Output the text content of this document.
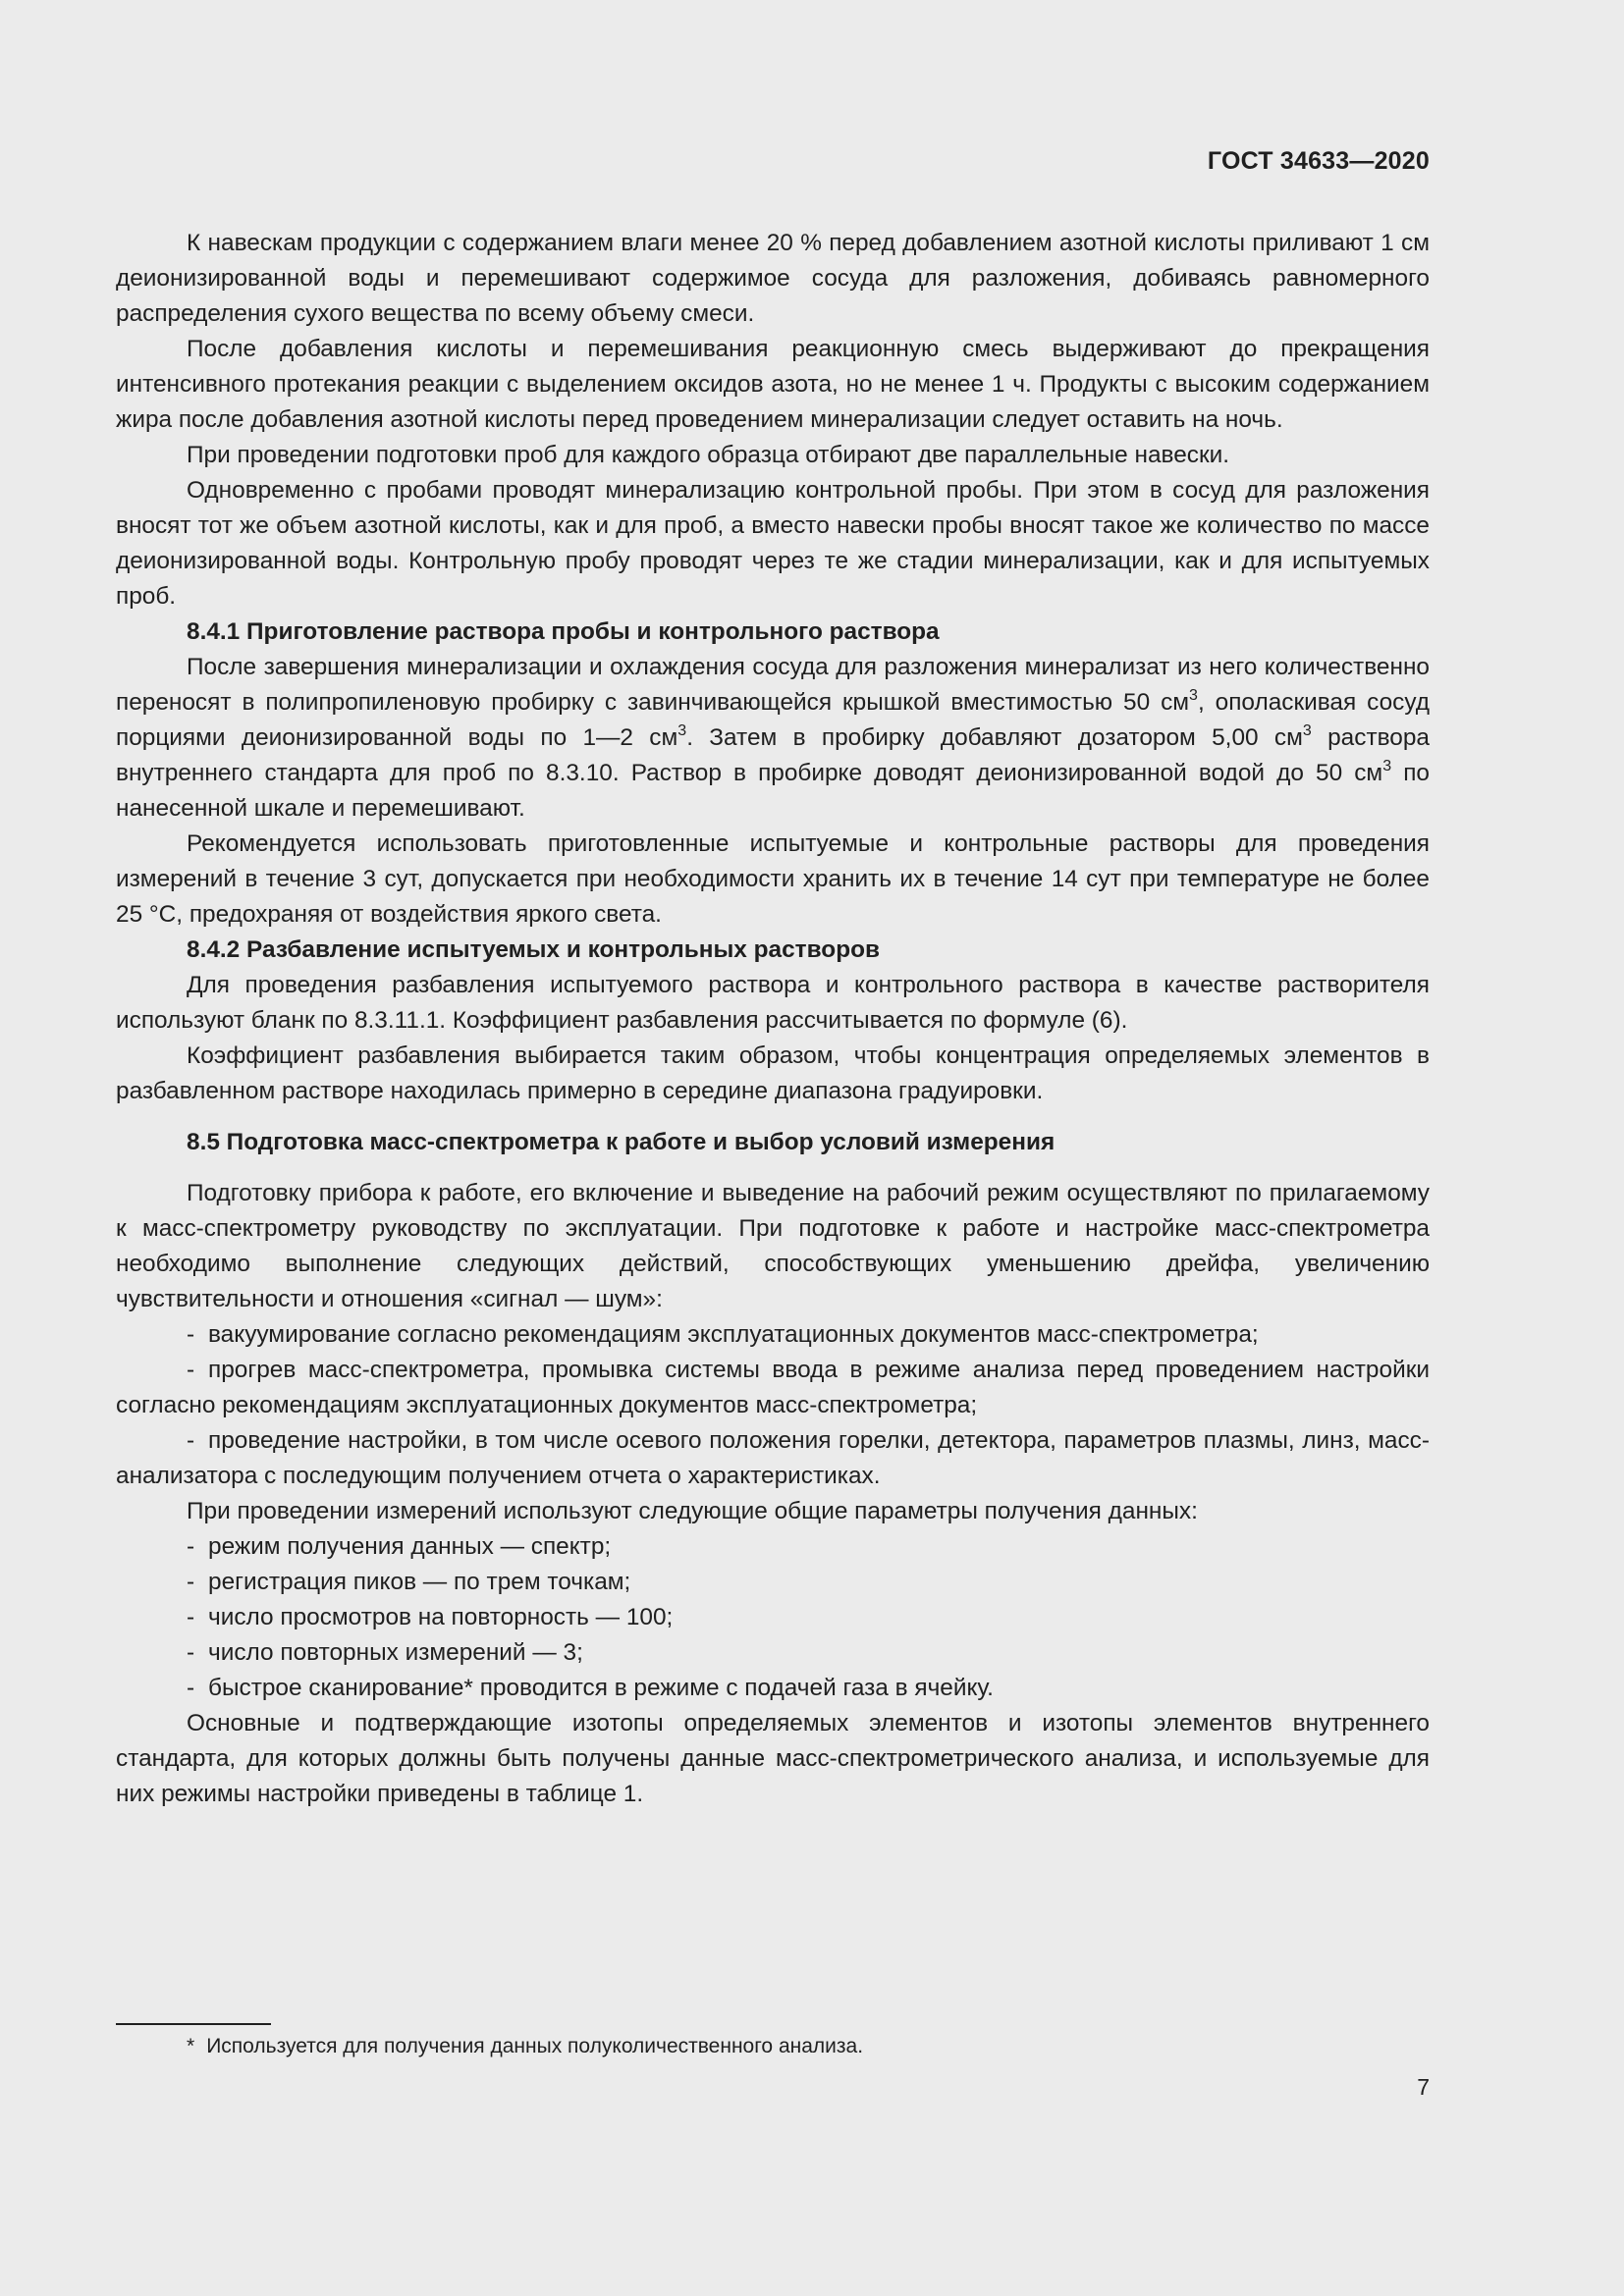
ГОСТ 34633—2020

К навескам продукции с содержанием влаги менее 20 % перед добавлением азотной кислоты приливают 1 см деионизированной воды и перемешивают содержимое сосуда для разложения, добиваясь равномерного распределения сухого вещества по всему объему смеси.

После добавления кислоты и перемешивания реакционную смесь выдерживают до прекращения интенсивного протекания реакции с выделением оксидов азота, но не менее 1 ч. Продукты с высоким содержанием жира после добавления азотной кислоты перед проведением минерализации следует оставить на ночь.

При проведении подготовки проб для каждого образца отбирают две параллельные навески.

Одновременно с пробами проводят минерализацию контрольной пробы. При этом в сосуд для разложения вносят тот же объем азотной кислоты, как и для проб, а вместо навески пробы вносят такое же количество по массе деионизированной воды. Контрольную пробу проводят через те же стадии минерализации, как и для испытуемых проб.

8.4.1 Приготовление раствора пробы и контрольного раствора

После завершения минерализации и охлаждения сосуда для разложения минерализат из него количественно переносят в полипропиленовую пробирку с завинчивающейся крышкой вместимостью 50 $см^3$, ополаскивая сосуд порциями деионизированной воды по 1—2 $см^3$. Затем в пробирку добавляют дозатором 5,00 $см^3$ раствора внутреннего стандарта для проб по 8.3.10. Раствор в пробирке доводят деионизированной водой до 50 $см^3$ по нанесенной шкале и перемешивают.

Рекомендуется использовать приготовленные испытуемые и контрольные растворы для проведения измерений в течение 3 сут, допускается при необходимости хранить их в течение 14 сут при температуре не более 25 °С, предохраняя от воздействия яркого света.

8.4.2 Разбавление испытуемых и контрольных растворов

Для проведения разбавления испытуемого раствора и контрольного раствора в качестве растворителя используют бланк по 8.3.11.1. Коэффициент разбавления рассчитывается по формуле (6).

Коэффициент разбавления выбирается таким образом, чтобы концентрация определяемых элементов в разбавленном растворе находилась примерно в середине диапазона градуировки.

8.5 Подготовка масс-спектрометра к работе и выбор условий измерения

Подготовку прибора к работе, его включение и выведение на рабочий режим осуществляют по прилагаемому к масс-спектрометру руководству по эксплуатации. При подготовке к работе и настройке масс-спектрометра необходимо выполнение следующих действий, способствующих уменьшению дрейфа, увеличению чувствительности и отношения «сигнал — шум»:

- вакуумирование согласно рекомендациям эксплуатационных документов масс-спектрометра;

- прогрев масс-спектрометра, промывка системы ввода в режиме анализа перед проведением настройки согласно рекомендациям эксплуатационных документов масс-спектрометра;

- проведение настройки, в том числе осевого положения горелки, детектора, параметров плазмы, линз, масс-анализатора с последующим получением отчета о характеристиках.

При проведении измерений используют следующие общие параметры получения данных:

- режим получения данных — спектр;

- регистрация пиков — по трем точкам;

- число просмотров на повторность — 100;

- число повторных измерений — 3;

- быстрое сканирование* проводится в режиме с подачей газа в ячейку.

Основные и подтверждающие изотопы определяемых элементов и изотопы элементов внутреннего стандарта, для которых должны быть получены данные масс-спектрометрического анализа, и используемые для них режимы настройки приведены в таблице 1.

* Используется для получения данных полуколичественного анализа.
7
